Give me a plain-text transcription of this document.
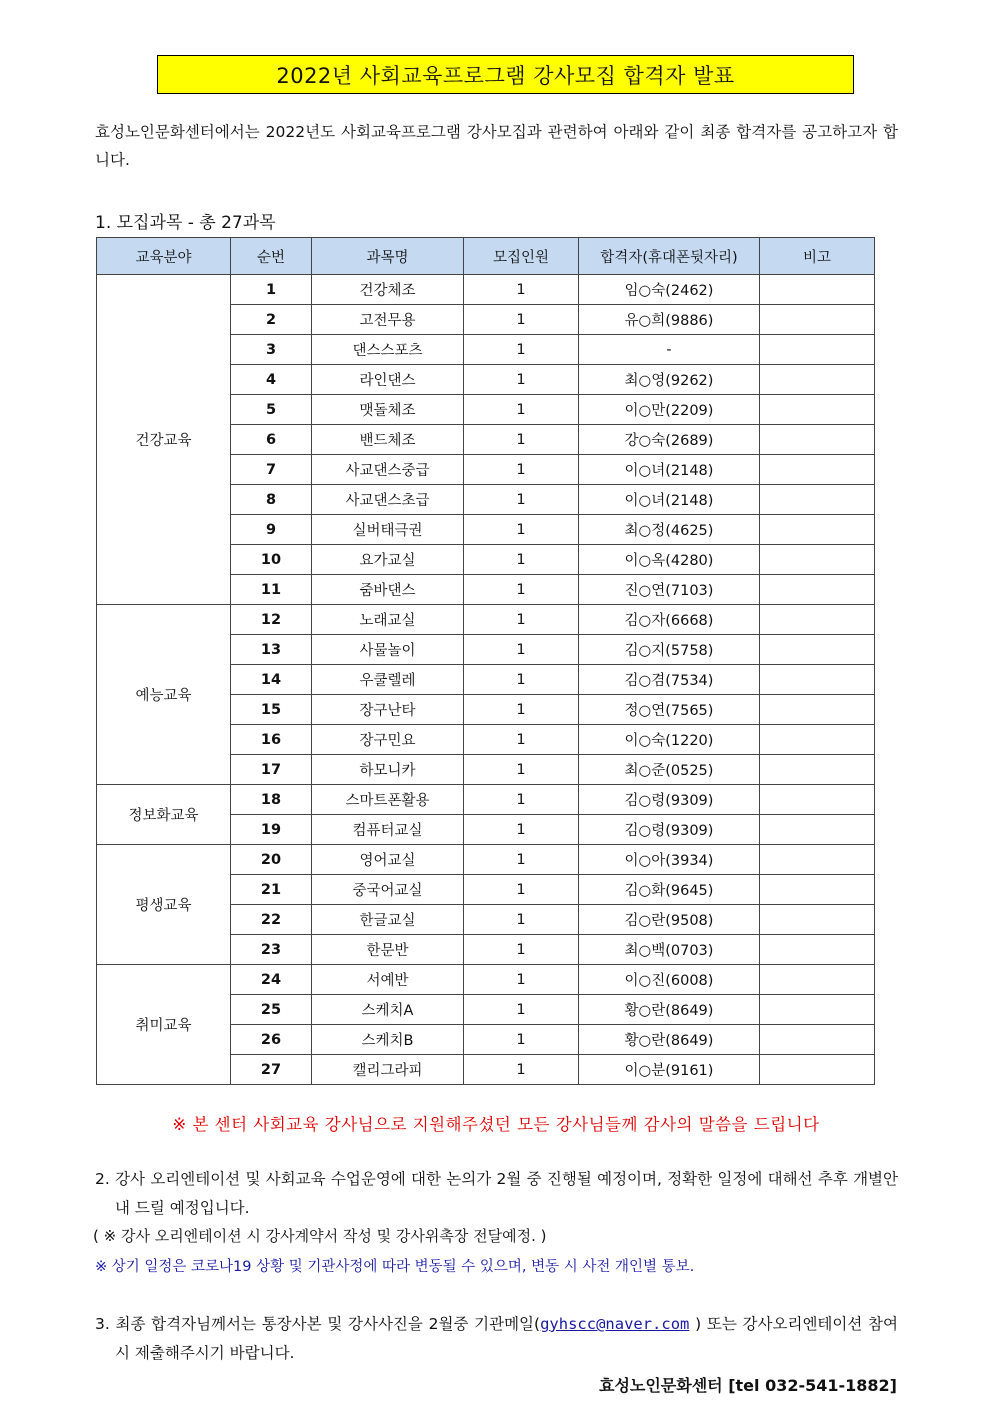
2022년 사회교육프로그램 강사모집 합격자 발표
효성노인문화센터에서는 2022년도 사회교육프로그램 강사모집과 관련하여 아래와 같이 최종 합격자를 공고하고자 합니다.
1. 모집과목 - 총 27과목
교육분야	순번	과목명	모집인원	합격자(휴대폰뒷자리)	비고
건강교육	1	건강체조	1	임○숙(2462)	
	2	고전무용	1	유○희(9886)	
	3	댄스스포츠	1	-	
	4	라인댄스	1	최○영(9262)	
	5	맷돌체조	1	이○만(2209)	
	6	밴드체조	1	강○숙(2689)	
	7	사교댄스중급	1	이○녀(2148)	
	8	사교댄스초급	1	이○녀(2148)	
	9	실버태극권	1	최○정(4625)	
	10	요가교실	1	이○옥(4280)	
	11	줌바댄스	1	진○연(7103)	
예능교육	12	노래교실	1	김○자(6668)	
	13	사물놀이	1	김○지(5758)	
	14	우쿨렐레	1	김○겸(7534)	
	15	장구난타	1	정○연(7565)	
	16	장구민요	1	이○숙(1220)	
	17	하모니카	1	최○준(0525)	
정보화교육	18	스마트폰활용	1	김○령(9309)	
	19	컴퓨터교실	1	김○령(9309)	
평생교육	20	영어교실	1	이○아(3934)	
	21	중국어교실	1	김○화(9645)	
	22	한글교실	1	김○란(9508)	
	23	한문반	1	최○백(0703)	
취미교육	24	서예반	1	이○진(6008)	
	25	스케치A	1	황○란(8649)	
	26	스케치B	1	황○란(8649)	
	27	캘리그라피	1	이○분(9161)	
※ 본 센터 사회교육 강사님으로 지원해주셨던 모든 강사님들께 감사의 말씀을 드립니다
2. 강사 오리엔테이션 및 사회교육 수업운영에 대한 논의가 2월 중 진행될 예정이며, 정확한 일정에 대해선 추후 개별안내 드릴 예정입니다.
( ※ 강사 오리엔테이션 시 강사계약서 작성 및 강사위촉장 전달예정. )
※ 상기 일정은 코로나19 상황 및 기관사정에 따라 변동될 수 있으며, 변동 시 사전 개인별 통보.
3. 최종 합격자님께서는 통장사본 및 강사사진을 2월중 기관메일(gyhscc@naver.com ) 또는 강사오리엔테이션 참여시 제출해주시기 바랍니다.
효성노인문화센터 [tel 032-541-1882]
